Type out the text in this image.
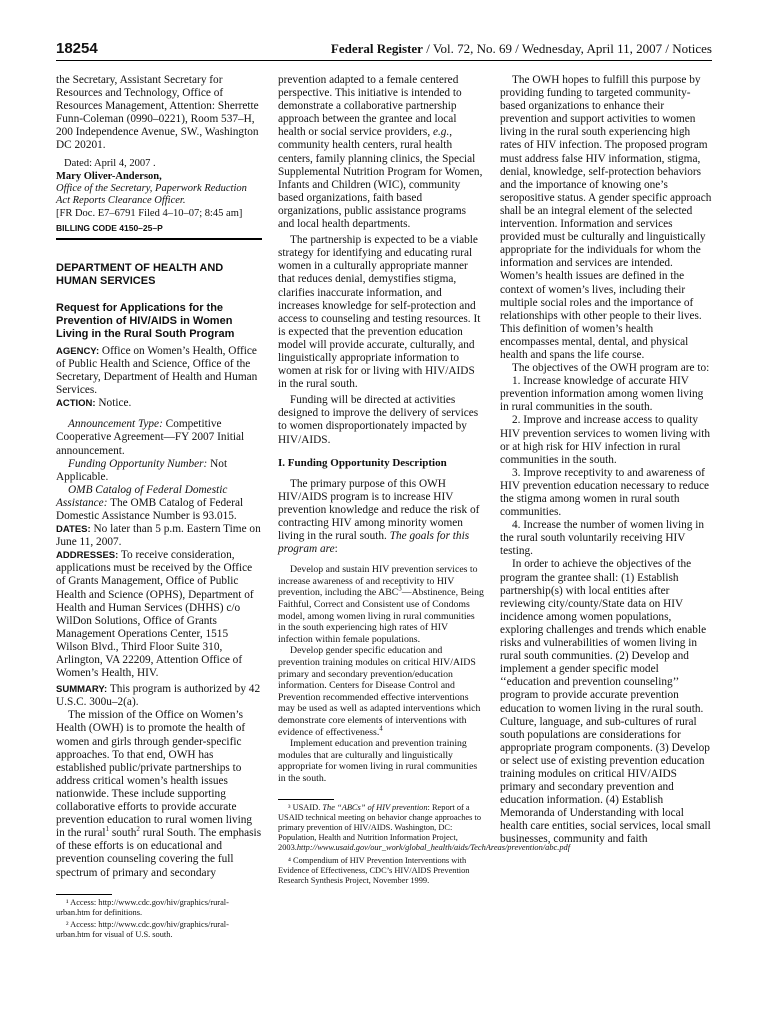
18254	Federal Register / Vol. 72, No. 69 / Wednesday, April 11, 2007 / Notices

the Secretary, Assistant Secretary for Resources and Technology, Office of Resources Management, Attention: Sherrette Funn-Coleman (0990–0221), Room 537–H, 200 Independence Avenue, SW., Washington DC 20201.

Dated: April 4, 2007 .

Mary Oliver-Anderson,

Office of the Secretary, Paperwork Reduction Act Reports Clearance Officer.

[FR Doc. E7–6791 Filed 4–10–07; 8:45 am]

BILLING CODE 4150–25–P

DEPARTMENT OF HEALTH AND HUMAN SERVICES

Request for Applications for the Prevention of HIV/AIDS in Women Living in the Rural South Program

AGENCY: Office on Women’s Health, Office of Public Health and Science, Office of the Secretary, Department of Health and Human Services.

ACTION: Notice.

Announcement Type: Competitive Cooperative Agreement—FY 2007 Initial announcement.

Funding Opportunity Number: Not Applicable.

OMB Catalog of Federal Domestic Assistance: The OMB Catalog of Federal Domestic Assistance Number is 93.015.

DATES: No later than 5 p.m. Eastern Time on June 11, 2007.

ADDRESSES: To receive consideration, applications must be received by the Office of Grants Management, Office of Public Health and Science (OPHS), Department of Health and Human Services (DHHS) c/o WilDon Solutions, Office of Grants Management Operations Center, 1515 Wilson Blvd., Third Floor Suite 310, Arlington, VA 22209, Attention Office of Women’s Health, HIV.

SUMMARY: This program is authorized by 42 U.S.C. 300u–2(a).

The mission of the Office on Women’s Health (OWH) is to promote the health of women and girls through gender-specific approaches. To that end, OWH has established public/private partnerships to address critical women’s health issues nationwide. These include supporting collaborative efforts to provide accurate prevention education to rural women living in the rural$^1$ south$^2$ rural South. The emphasis of these efforts is on educational and prevention counseling covering the full spectrum of primary and secondary

¹ Access: http://www.cdc.gov/hiv/graphics/rural-urban.htm for definitions.

² Access: http://www.cdc.gov/hiv/graphics/rural-urban.htm for visual of U.S. south.

prevention adapted to a female centered perspective. This initiative is intended to demonstrate a collaborative partnership approach between the grantee and local health or social service providers, e.g., community health centers, rural health centers, family planning clinics, the Special Supplemental Nutrition Program for Women, Infants and Children (WIC), community based organizations, faith based organizations, public assistance programs and local health departments.

The partnership is expected to be a viable strategy for identifying and educating rural women in a culturally appropriate manner that reduces denial, demystifies stigma, clarifies inaccurate information, and increases knowledge for self-protection and access to counseling and testing resources. It is expected that the prevention education model will provide accurate, culturally, and linguistically appropriate information to women at risk for or living with HIV/AIDS in the rural south.

Funding will be directed at activities designed to improve the delivery of services to women disproportionately impacted by HIV/AIDS.

I. Funding Opportunity Description

The primary purpose of this OWH HIV/AIDS program is to increase HIV prevention knowledge and reduce the risk of contracting HIV among minority women living in the rural south. The goals for this program are:

Develop and sustain HIV prevention services to increase awareness of and receptivity to HIV prevention, including the ABC$^3$—Abstinence, Being Faithful, Correct and Consistent use of Condoms model, among women living in rural communities in the south experiencing high rates of HIV infection within female populations.

Develop gender specific education and prevention training modules on critical HIV/AIDS primary and secondary prevention/education information. Centers for Disease Control and Prevention recommended effective interventions may be used as well as adapted interventions which demonstrate core elements of interventions with evidence of effectiveness.$^4$

Implement education and prevention training modules that are culturally and linguistically appropriate for women living in rural communities in the south.

³ USAID. The “ABCs” of HIV prevention: Report of a USAID technical meeting on behavior change approaches to primary prevention of HIV/AIDS. Washington, DC: Population, Health and Nutrition Information Project, 2003.http://www.usaid.gov/our_work/global_health/aids/TechAreas/prevention/abc.pdf

⁴ Compendium of HIV Prevention Interventions with Evidence of Effectiveness, CDC’s HIV/AIDS Prevention Research Synthesis Project, November 1999.

The OWH hopes to fulfill this purpose by providing funding to targeted community-based organizations to enhance their prevention and support activities to women living in the rural south experiencing high rates of HIV infection. The proposed program must address false HIV information, stigma, denial, knowledge, self-protection behaviors and the importance of knowing one’s seropositive status. A gender specific approach shall be an integral element of the selected intervention. Information and services provided must be culturally and linguistically appropriate for the individuals for whom the information and services are intended. Women’s health issues are defined in the context of women’s lives, including their multiple social roles and the importance of relationships with other people to their lives. This definition of women’s health encompasses mental, dental, and physical health and spans the life course.

The objectives of the OWH program are to:

1. Increase knowledge of accurate HIV prevention information among women living in rural communities in the south.

2. Improve and increase access to quality HIV prevention services to women living with or at high risk for HIV infection in rural communities in the south.

3. Improve receptivity to and awareness of HIV prevention education necessary to reduce the stigma among women in rural south communities.

4. Increase the number of women living in the rural south voluntarily receiving HIV testing.

In order to achieve the objectives of the program the grantee shall: (1) Establish partnership(s) with local entities after reviewing city/county/State data on HIV incidence among women populations, exploring challenges and trends which enable risks and vulnerabilities of women living in rural south communities. (2) Develop and implement a gender specific model ‘‘education and prevention counseling’’ program to provide accurate prevention education to women living in the rural south. Culture, language, and sub-cultures of rural south populations are considerations for appropriate program components. (3) Develop or select use of existing prevention education training modules on critical HIV/AIDS primary and secondary prevention and education information. (4) Establish Memoranda of Understanding with local health care entities, social services, local small businesses, community and faith
